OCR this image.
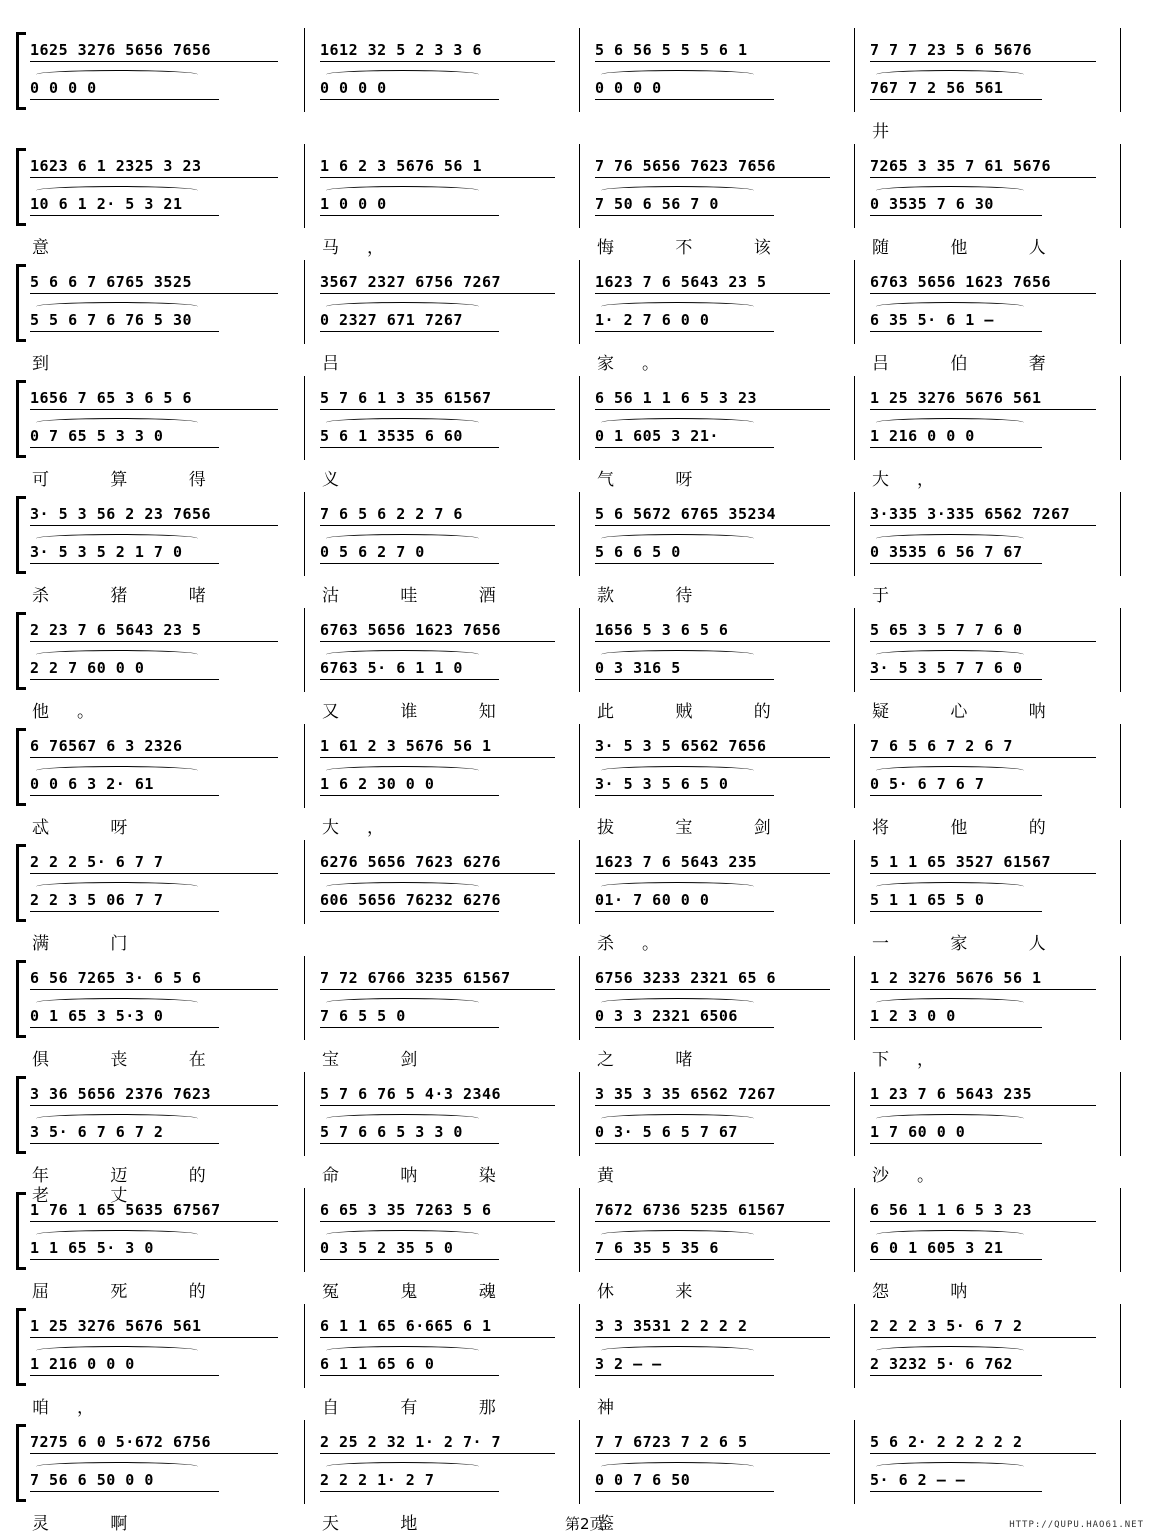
1625 3276 5656 7656
0 0 0 0
1612 32 5 2 3 3 6
0 0 0 0
5 6 56 5 5 5 6 1
0 0 0 0
7 7 7 23 5 6 5676
767 7 2 56 561
井
1623 6 1 2325 3 23
10 6 1 2· 5 3 21
意
1 6 2 3 5676 56 1
1 0 0 0
马，
7 76 5656 7623 7656
7 50 6 56 7 0
悔 不 该
7265 3 35 7 61 5676
0 3535 7 6 30
随 他 人
5 6 6 7 6765 3525
5 5 6 7 6 76 5 30
到
3567 2327 6756 7267
0 2327 671 7267
吕
1623 7 6 5643 23 5
1· 2 7 6 0 0
家。
6763 5656 1623 7656
6 35 5· 6 1 —
吕 伯 奢
1656 7 65 3 6 5 6
0 7 65 5 3 3 0
可 算 得
5 7 6 1 3 35 61567
5 6 1 3535 6 60
义
6 56 1 1 6 5 3 23
0 1 605 3 21·
气 呀
1 25 3276 5676 561
1 216 0 0 0
大，
3· 5 3 56 2 23 7656
3· 5 3 5 2 1 7 0
杀 猪 啫
7 6 5 6 2 2 7 6
0 5 6 2 7 0
沽 哇 酒
5 6 5672 6765 35234
5 6 6 5 0
款 待
3·335 3·335 6562 7267
0 3535 6 56 7 67
于
2 23 7 6 5643 23 5
2 2 7 60 0 0
他。
6763 5656 1623 7656
6763 5· 6 1 1 0
又 谁 知
1656 5 3 6 5 6
0 3 316 5
此 贼 的
5 65 3 5 7 7 6 0
3· 5 3 5 7 7 6 0
疑 心 呐
6 76567 6 3 2326
0 0 6 3 2· 61
忒 呀
1 61 2 3 5676 56 1
1 6 2 30 0 0
大，
3· 5 3 5 6562 7656
3· 5 3 5 6 5 0
拔 宝 剑
7 6 5 6 7 2 6 7
0 5· 6 7 6 7
将 他 的
2 2 2 5· 6 7 7
2 2 3 5 06 7 7
满 门
6276 5656 7623 6276
606 5656 76232 6276
1623 7 6 5643 235
01· 7 60 0 0
杀。
5 1 1 65 3527 61567
5 1 1 65 5 0
一 家 人
6 56 7265 3· 6 5 6
0 1 65 3 5·3 0
俱 丧 在
7 72 6766 3235 61567
7 6 5 5 0
宝 剑
6756 3233 2321 65 6
0 3 3 2321 6506
之 啫
1 2 3276 5676 56 1
1 2 3 0 0
下，
3 36 5656 2376 7623
3 5· 6 7 6 7 2
年 迈 的 老 丈
5 7 6 76 5 4·3 2346
5 7 6 6 5 3 3 0
命 呐 染
3 35 3 35 6562 7267
0 3· 5 6 5 7 67
黄
1 23 7 6 5643 235
1 7 60 0 0
沙。
1 76 1 65 5635 67567
1 1 65 5· 3 0
屈 死 的
6 65 3 35 7263 5 6
0 3 5 2 35 5 0
冤 鬼 魂
7672 6736 5235 61567
7 6 35 5 35 6
休 来
6 56 1 1 6 5 3 23
6 0 1 605 3 21
怨 呐
1 25 3276 5676 561
1 216 0 0 0
咱，
6 1 1 65 6·665 6 1
6 1 1 65 6 0
自 有 那
3 3 3531 2 2 2 2
3 2 — —
神
2 2 2 3 5· 6 7 2
2 3232 5· 6 762
7275 6 0 5·672 6756
7 56 6 50 0 0
灵 啊
2 25 2 32 1· 2 7· 7
2 2 2 1· 2 7
天 地
7 7 6723 7 2 6 5
0 0 7 6 50
鉴
5 6 2· 2 2 2 2 2
5· 6 2 — —
第2页	HTTP://QUPU.HAO61.NET
